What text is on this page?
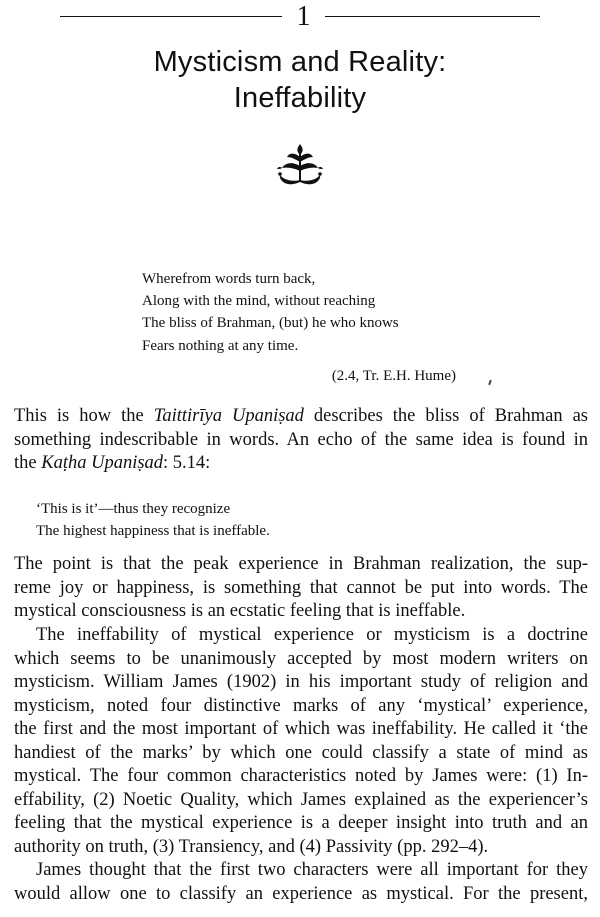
1
Mysticism and Reality:
Ineffability
Wherefrom words turn back,
Along with the mind, without reaching
The bliss of Brahman, (but) he who knows
Fears nothing at any time.
(2.4, Tr. E.H. Hume)
This is how the Taittirīya Upaniṣad describes the bliss of Brahman as
something indescribable in words. An echo of the same idea is found in
the Kaṭha Upaniṣad: 5.14:
‘This is it’—thus they recognize
The highest happiness that is ineffable.
The point is that the peak experience in Brahman realization, the sup-
reme joy or happiness, is something that cannot be put into words. The
mystical consciousness is an ecstatic feeling that is ineffable.
The ineffability of mystical experience or mysticism is a doctrine
which seems to be unanimously accepted by most modern writers on
mysticism. William James (1902) in his important study of religion and
mysticism, noted four distinctive marks of any ‘mystical’ experience,
the first and the most important of which was ineffability. He called it ‘the
handiest of the marks’ by which one could classify a state of mind as
mystical. The four common characteristics noted by James were: (1) In-
effability, (2) Noetic Quality, which James explained as the experiencer’s
feeling that the mystical experience is a deeper insight into truth and an
authority on truth, (3) Transiency, and (4) Passivity (pp. 292–4).
James thought that the first two characters were all important for they
would allow one to classify an experience as mystical. For the present,
